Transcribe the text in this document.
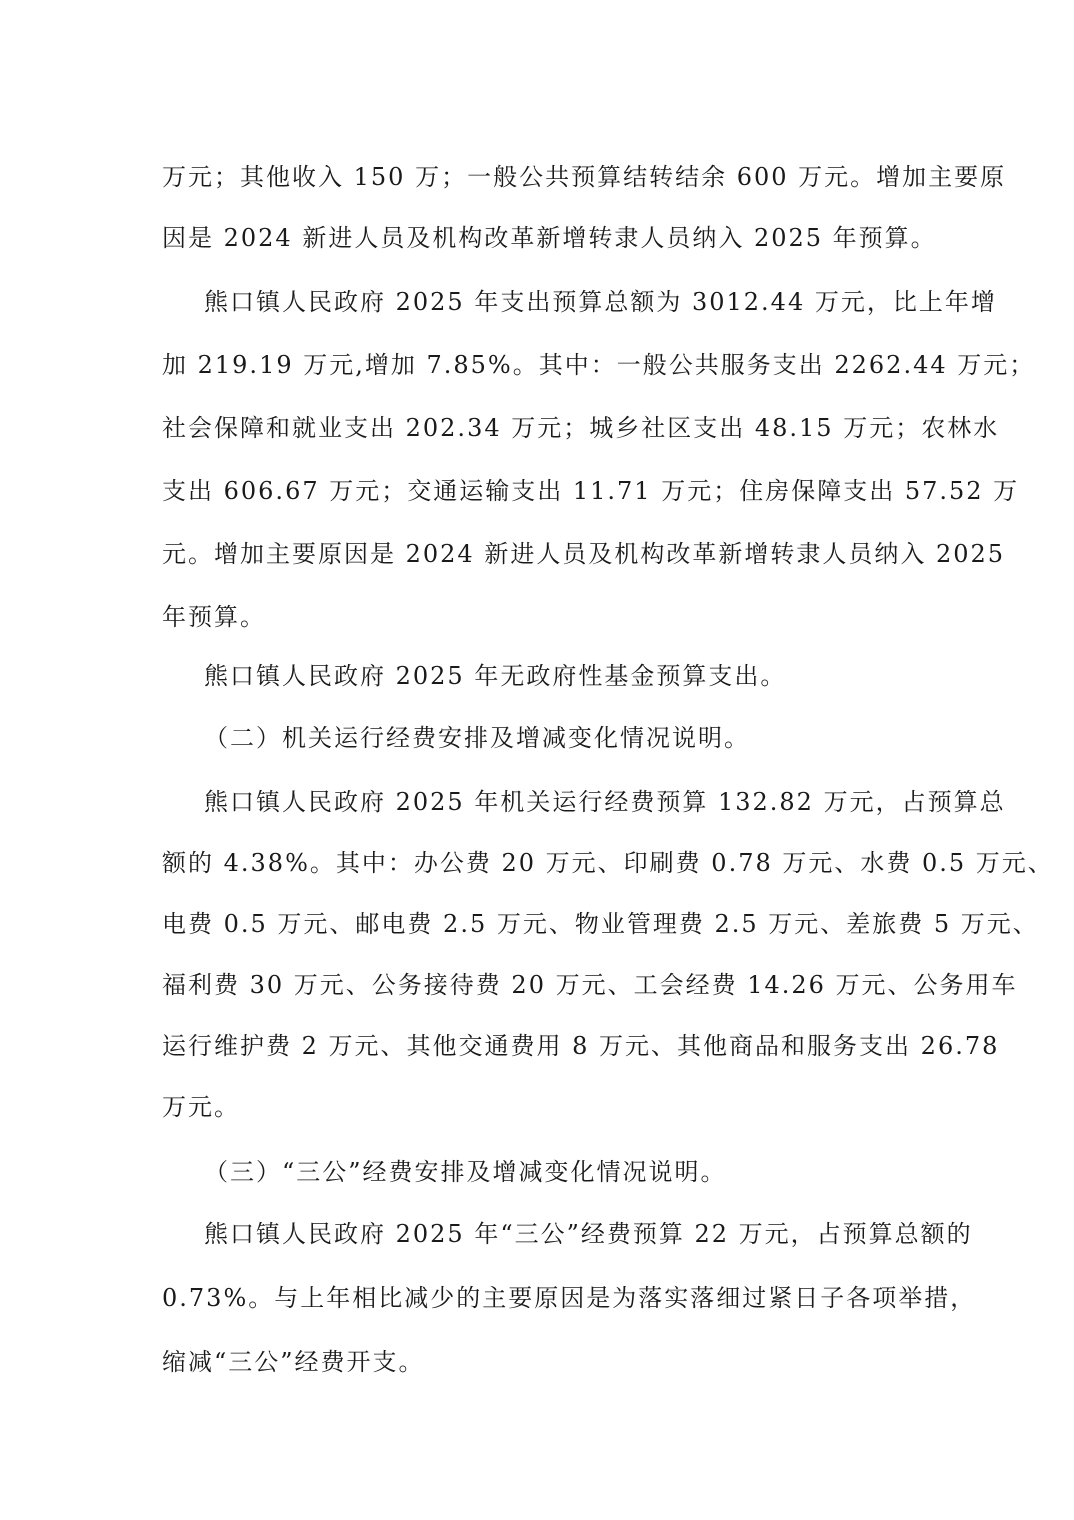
万元；其他收入 150 万；一般公共预算结转结余 600 万元。增加主要原
因是 2024 新进人员及机构改革新增转隶人员纳入 2025 年预算。
熊口镇人民政府 2025 年支出预算总额为 3012.44 万元，比上年增
加 219.19 万元,增加 7.85%。其中：一般公共服务支出 2262.44 万元；
社会保障和就业支出 202.34 万元；城乡社区支出 48.15 万元；农林水
支出 606.67 万元；交通运输支出 11.71 万元；住房保障支出 57.52 万
元。增加主要原因是 2024 新进人员及机构改革新增转隶人员纳入 2025
年预算。
熊口镇人民政府 2025 年无政府性基金预算支出。
（二）机关运行经费安排及增减变化情况说明。
熊口镇人民政府 2025 年机关运行经费预算 132.82 万元，占预算总
额的 4.38%。其中：办公费 20 万元、印刷费 0.78 万元、水费 0.5 万元、
电费 0.5 万元、邮电费 2.5 万元、物业管理费 2.5 万元、差旅费 5 万元、
福利费 30 万元、公务接待费 20 万元、工会经费 14.26 万元、公务用车
运行维护费 2 万元、其他交通费用 8 万元、其他商品和服务支出 26.78
万元。
（三）“三公”经费安排及增减变化情况说明。
熊口镇人民政府 2025 年“三公”经费预算 22 万元，占预算总额的
0.73%。与上年相比减少的主要原因是为落实落细过紧日子各项举措，
缩减“三公”经费开支。
